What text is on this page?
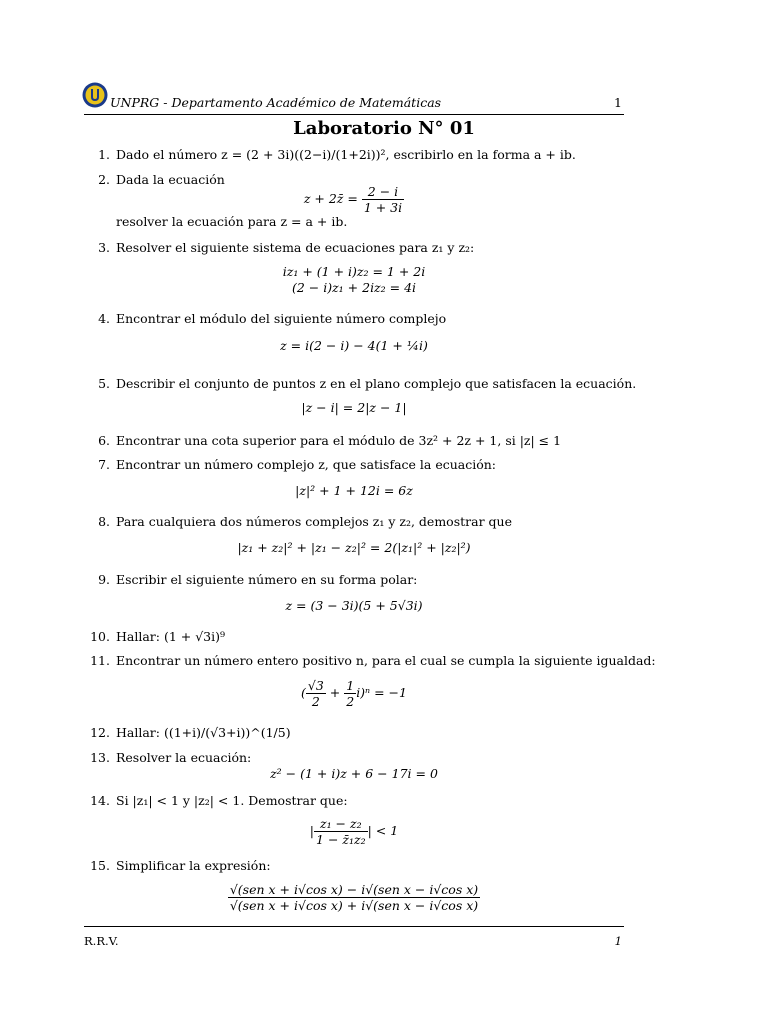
UNPRG - Departamento Académico de Matemáticas	1
Laboratorio N° 01
1. Dado el número z = (2 + 3i)((2−i)/(1+2i))², escribirlo en la forma a + ib.
2. Dada la ecuación
z + 2z̄ = $\frac{2 - i}{1 + 3i}$
resolver la ecuación para z = a + ib.
3. Resolver el siguiente sistema de ecuaciones para z₁ y z₂:
iz₁ + (1 + i)z₂ = 1 + 2i
(2 − i)z₁ + 2iz₂ = 4i
4. Encontrar el módulo del siguiente número complejo
z = i(2 − i) − 4(1 + ¼i)
5. Describir el conjunto de puntos z en el plano complejo que satisfacen la ecuación.
|z − i| = 2|z − 1|
6. Encontrar una cota superior para el módulo de 3z² + 2z + 1, si |z| ≤ 1
7. Encontrar un número complejo z, que satisface la ecuación:
|z|² + 1 + 12i = 6z
8. Para cualquiera dos números complejos z₁ y z₂, demostrar que
|z₁ + z₂|² + |z₁ − z₂|² = 2(|z₁|² + |z₂|²)
9. Escribir el siguiente número en su forma polar:
z = (3 − 3i)(5 + 5√3i)
10. Hallar: (1 + √3i)⁹
11. Encontrar un número entero positivo n, para el cual se cumpla la siguiente igualdad:
( $\frac{√3}{2} + \frac{1}{2} i)^n = -1$
12. Hallar: ((1+i)/(√3+i))^(1/5)
13. Resolver la ecuación:
z² − (1 + i)z + 6 − 17i = 0
14. Si |z₁| < 1 y |z₂| < 1. Demostrar que:
| $\frac{\text{z₁ − z₂}}{\text{1 − z̄₁z₂}}$ | < 1
15. Simplificar la expresión:
$\frac{\text{√(sen x + i√cos x) − i√(sen x − i√cos x)}}{\text{√(sen x + i√cos x) + i√(sen x − i√cos x)}}$
R.R.V.	1
